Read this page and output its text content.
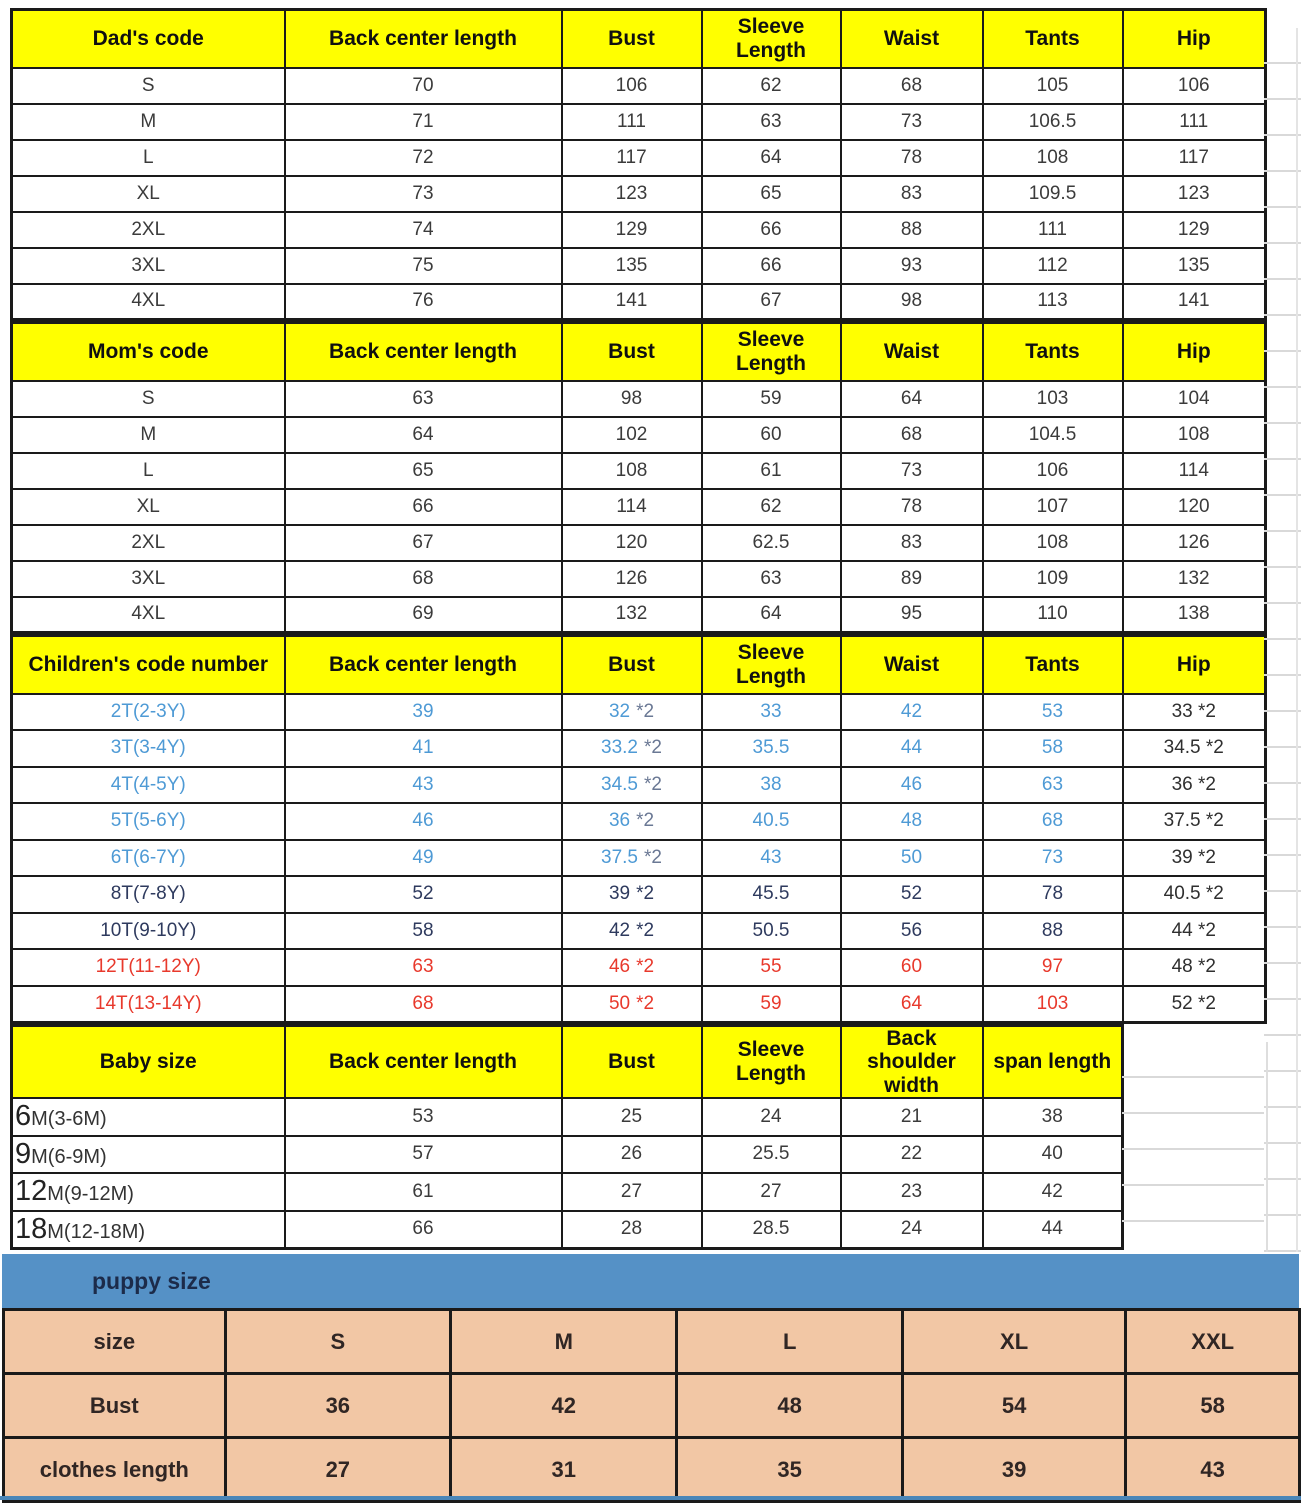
Dad's code	Back center length	Bust	Sleeve Length	Waist	Tants	Hip
S	70	106	62	68	105	106
M	71	111	63	73	106.5	111
L	72	117	64	78	108	117
XL	73	123	65	83	109.5	123
2XL	74	129	66	88	111	129
3XL	75	135	66	93	112	135
4XL	76	141	67	98	113	141
Mom's code	Back center length	Bust	Sleeve Length	Waist	Tants	Hip
S	63	98	59	64	103	104
M	64	102	60	68	104.5	108
L	65	108	61	73	106	114
XL	66	114	62	78	107	120
2XL	67	120	62.5	83	108	126
3XL	68	126	63	89	109	132
4XL	69	132	64	95	110	138
Children's code number	Back center length	Bust	Sleeve Length	Waist	Tants	Hip
2T(2-3Y)	39	32 *2	33	42	53	33 *2
3T(3-4Y)	41	33.2 *2	35.5	44	58	34.5 *2
4T(4-5Y)	43	34.5 *2	38	46	63	36 *2
5T(5-6Y)	46	36 *2	40.5	48	68	37.5 *2
6T(6-7Y)	49	37.5 *2	43	50	73	39 *2
8T(7-8Y)	52	39 *2	45.5	52	78	40.5 *2
10T(9-10Y)	58	42 *2	50.5	56	88	44 *2
12T(11-12Y)	63	46 *2	55	60	97	48 *2
14T(13-14Y)	68	50 *2	59	64	103	52 *2
Baby size	Back center length	Bust	Sleeve Length	Back shoulder width	span length
6M(3-6M)	53	25	24	21	38
9M(6-9M)	57	26	25.5	22	40
12M(9-12M)	61	27	27	23	42
18M(12-18M)	66	28	28.5	24	44
puppy size
size	S	M	L	XL	XXL
Bust	36	42	48	54	58
clothes length	27	31	35	39	43
